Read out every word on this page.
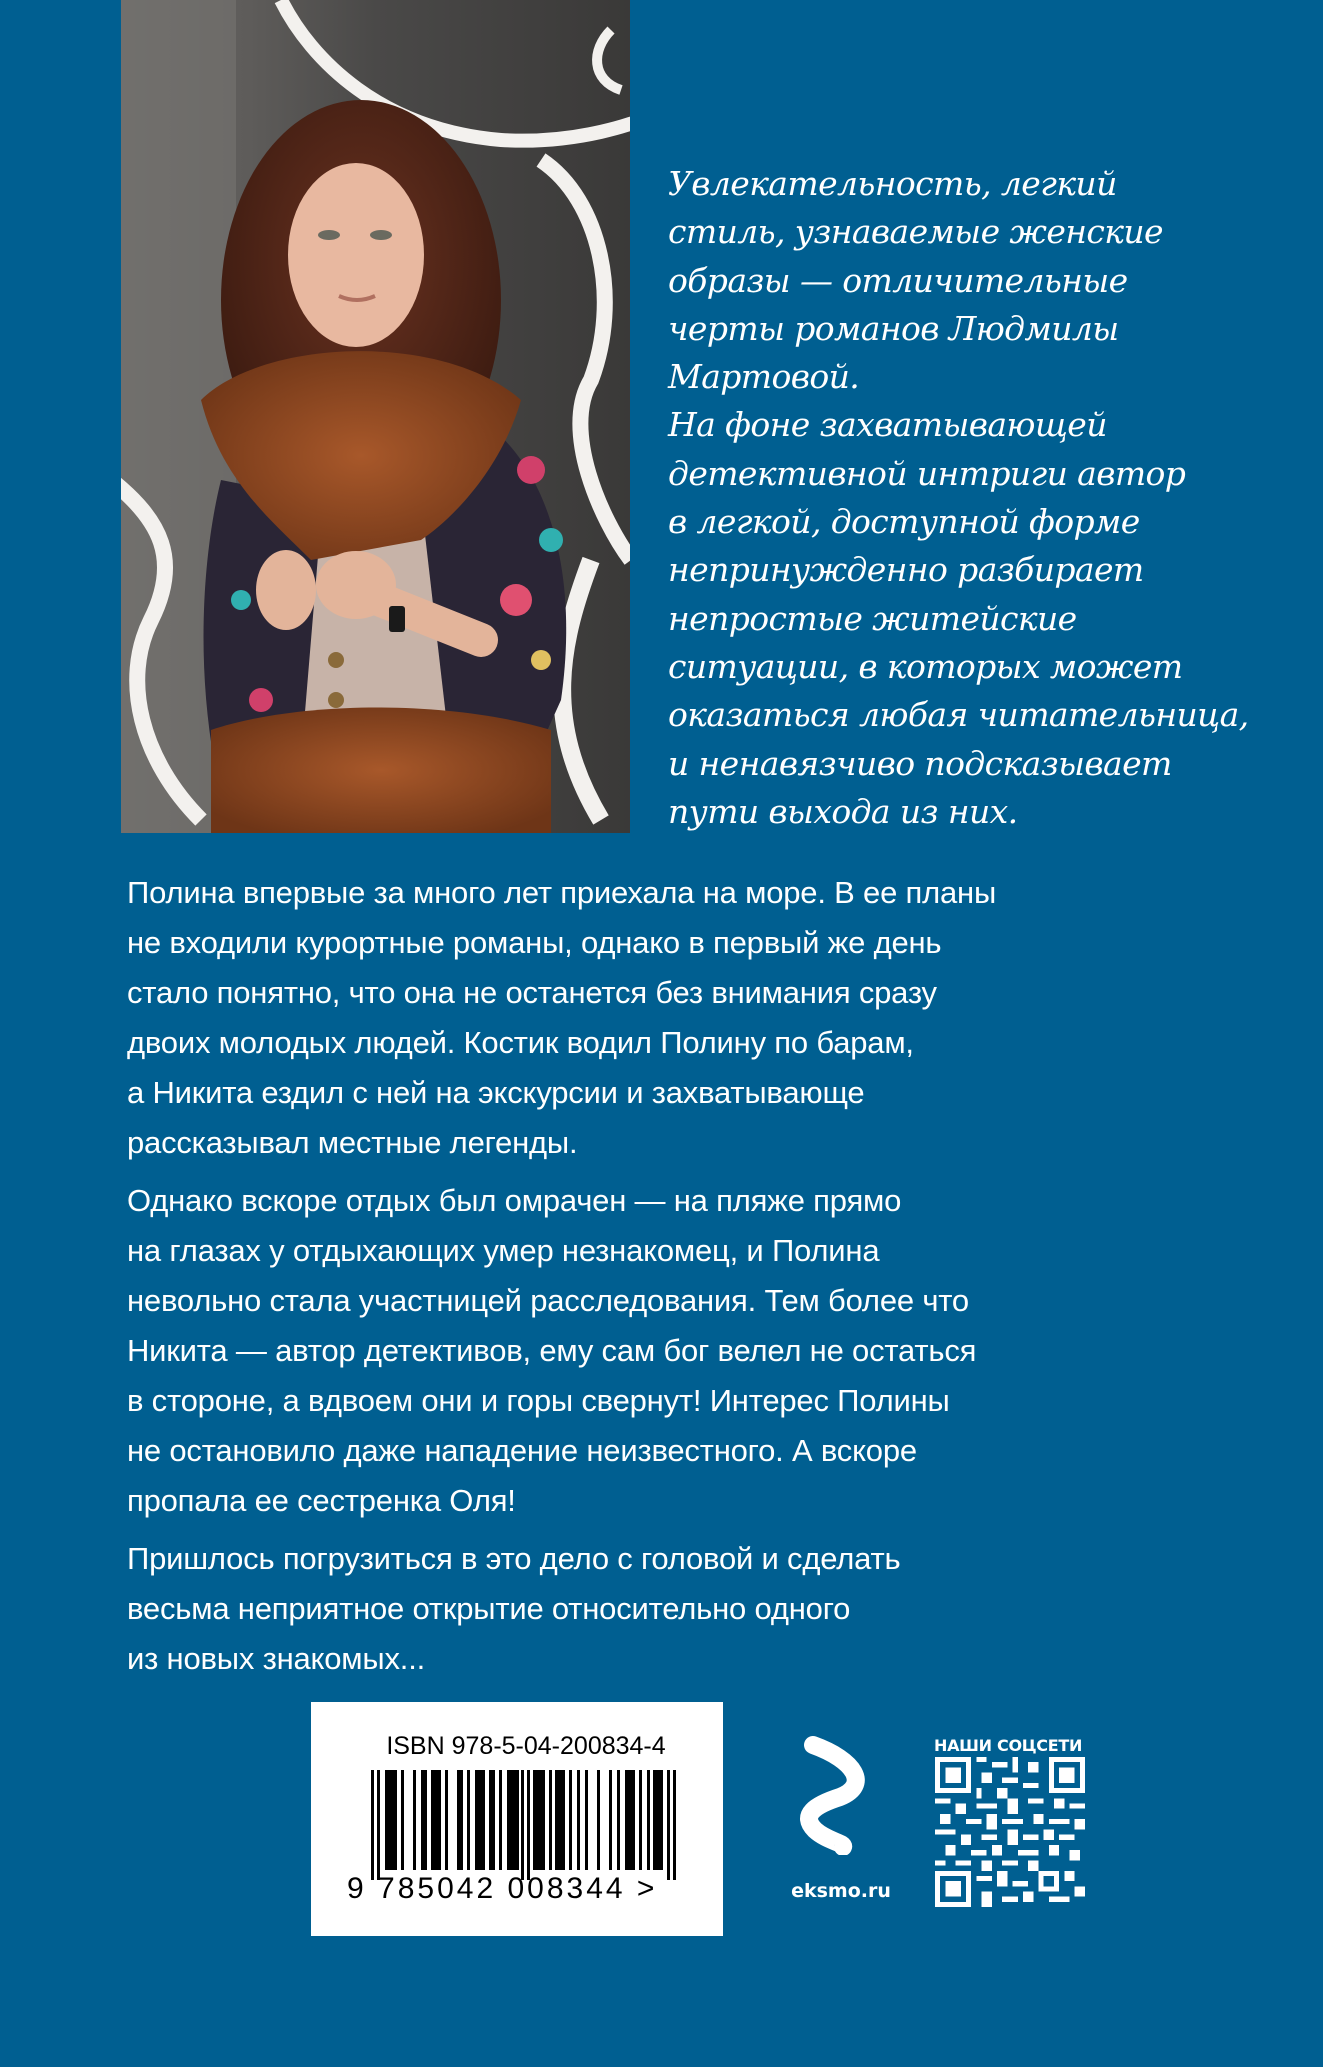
Увлекательность, легкий
стиль, узнаваемые женские
образы — отличительные
черты романов Людмилы
Мартовой.
На фоне захватывающей
детективной интриги автор
в легкой, доступной форме
непринужденно разбирает
непростые житейские
ситуации, в которых может
оказаться любая читательница,
и ненавязчиво подсказывает
пути выхода из них.
Полина впервые за много лет приехала на море. В ее планы
не входили курортные романы, однако в первый же день
стало понятно, что она не останется без внимания сразу
двоих молодых людей. Костик водил Полину по барам,
а Никита ездил с ней на экскурсии и захватывающе
рассказывал местные легенды.
Однако вскоре отдых был омрачен — на пляже прямо
на глазах у отдыхающих умер незнакомец, и Полина
невольно стала участницей расследования. Тем более что
Никита — автор детективов, ему сам бог велел не остаться
в стороне, а вдвоем они и горы свернут! Интерес Полины
не остановило даже нападение неизвестного. А вскоре
пропала ее сестренка Оля!
Пришлось погрузиться в это дело с головой и сделать
весьма неприятное открытие относительно одного
из новых знакомых...
ISBN 978-5-04-200834-4
9 785042 008344 >	eksmo.ru
НАШИ СОЦСЕТИ
